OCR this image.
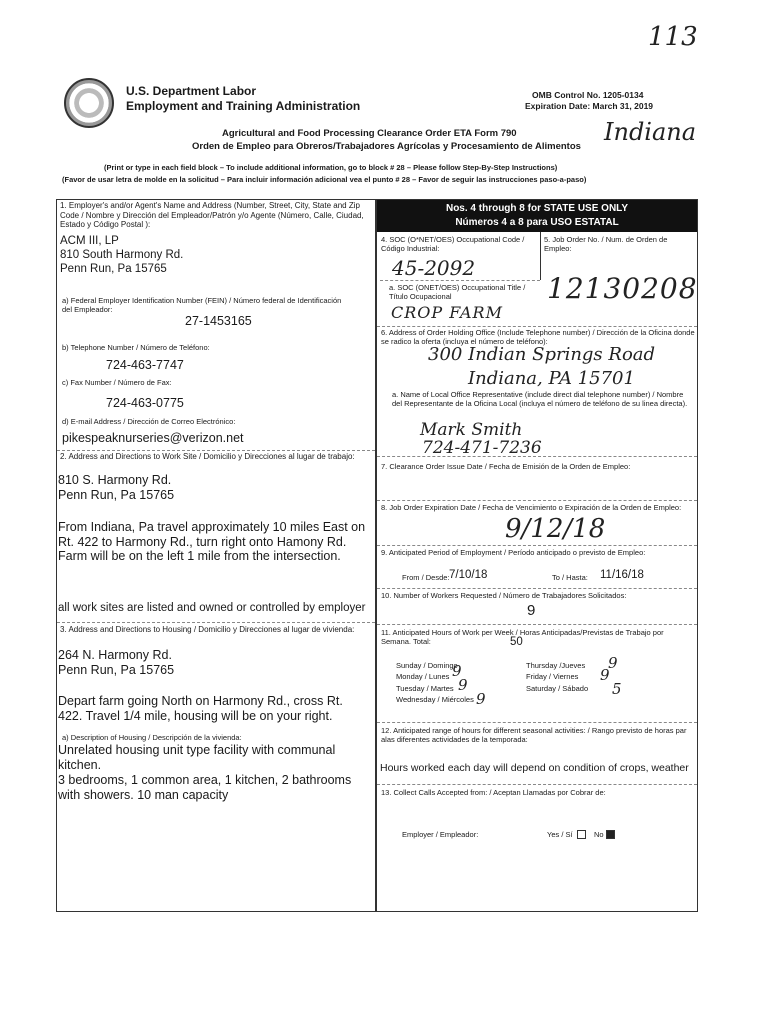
113
U.S. Department Labor
Employment and Training Administration
OMB Control No. 1205-0134
Expiration Date: March 31, 2019
Agricultural and Food Processing Clearance Order ETA Form 790
Orden de Empleo para Obreros/Trabajadores Agrícolas y Procesamiento de Alimentos
Indiana
(Print or type in each field block – To include additional information, go to block # 28 – Please follow Step-By-Step Instructions)
(Favor de usar letra de molde en la solicitud – Para incluir información adicional vea el punto # 28 – Favor de seguir las instrucciones paso-a-paso)
1. Employer's and/or Agent's Name and Address (Number, Street, City, State and Zip Code / Nombre y Dirección del Empleador/Patrón y/o Agente (Número, Calle, Ciudad, Estado y Código Postal ):
ACM III, LP
810 South Harmony Rd.
Penn Run, Pa 15765
a) Federal Employer Identification Number (FEIN) / Número federal de Identificación del Empleador:
27-1453165
b) Telephone Number / Número de Teléfono:
724-463-7747
c) Fax Number / Número de Fax:
724-463-0775
d) E-mail Address / Dirección de Correo Electrónico:
pikespeaknurseries@verizon.net
2. Address and Directions to Work Site / Domicilio y Direcciones al lugar de trabajo:
810 S. Harmony Rd.
Penn Run, Pa 15765
From Indiana, Pa travel approximately 10 miles East on Rt. 422 to Harmony Rd., turn right onto Hamony Rd. Farm will be on the left 1 mile from the intersection.
all work sites are listed and owned or controlled by employer
3. Address and Directions to Housing / Domicilio y Direcciones al lugar de vivienda:
264 N. Harmony Rd.
Penn Run, Pa 15765
Depart farm going North on Harmony Rd., cross Rt. 422. Travel 1/4 mile, housing will be on your right.
a) Description of Housing / Descripción de la vivienda:
Unrelated housing unit type facility with communal kitchen.
3 bedrooms, 1 common area, 1 kitchen, 2 bathrooms with showers. 10 man capacity
Nos. 4 through 8 for STATE USE ONLY
Números 4 a 8 para USO ESTATAL
4. SOC (O*NET/OES) Occupational Code / Código Industrial:
5. Job Order No. / Num. de Orden de Empleo:
45-2092
12130208
a. SOC (ONET/OES) Occupational Title / Título Ocupacional
CROP FARM
6. Address of Order Holding Office (Include Telephone number) / Dirección de la Oficina donde se radico la oferta (incluya el número de teléfono):
300 Indian Springs Road
Indiana, PA 15701
a. Name of Local Office Representative (include direct dial telephone number) / Nombre del Representante de la Oficina Local (incluya el número de teléfono de su linea directa).
Mark Smith
724-471-7236
7. Clearance Order Issue Date / Fecha de Emisión de la Orden de Empleo:
8. Job Order Expiration Date / Fecha de Vencimiento o Expiración de la Orden de Empleo:
9/12/18
9. Anticipated Period of Employment / Período anticipado o previsto de Empleo:
From / Desde: 7/10/18	To / Hasta: 11/16/18
10. Number of Workers Requested / Número de Trabajadores Solicitados:
9
11. Anticipated Hours of Work per Week / Horas Anticipadas/Previstas de Trabajo por Semana. Total:	50
Sunday / Domingo
Monday / Lunes 9
Tuesday / Martes 9
Wednesday / Miércoles 9
Thursday /Jueves 9
Friday / Viernes 9
Saturday / Sábado 5
12. Anticipated range of hours for different seasonal activities: / Rango previsto de horas par alas diferentes actividades de la temporada:
Hours worked each day will depend on condition of crops, weather
13. Collect Calls Accepted from: / Aceptan Llamadas por Cobrar de:
Employer / Empleador:	Yes / Sí	No
